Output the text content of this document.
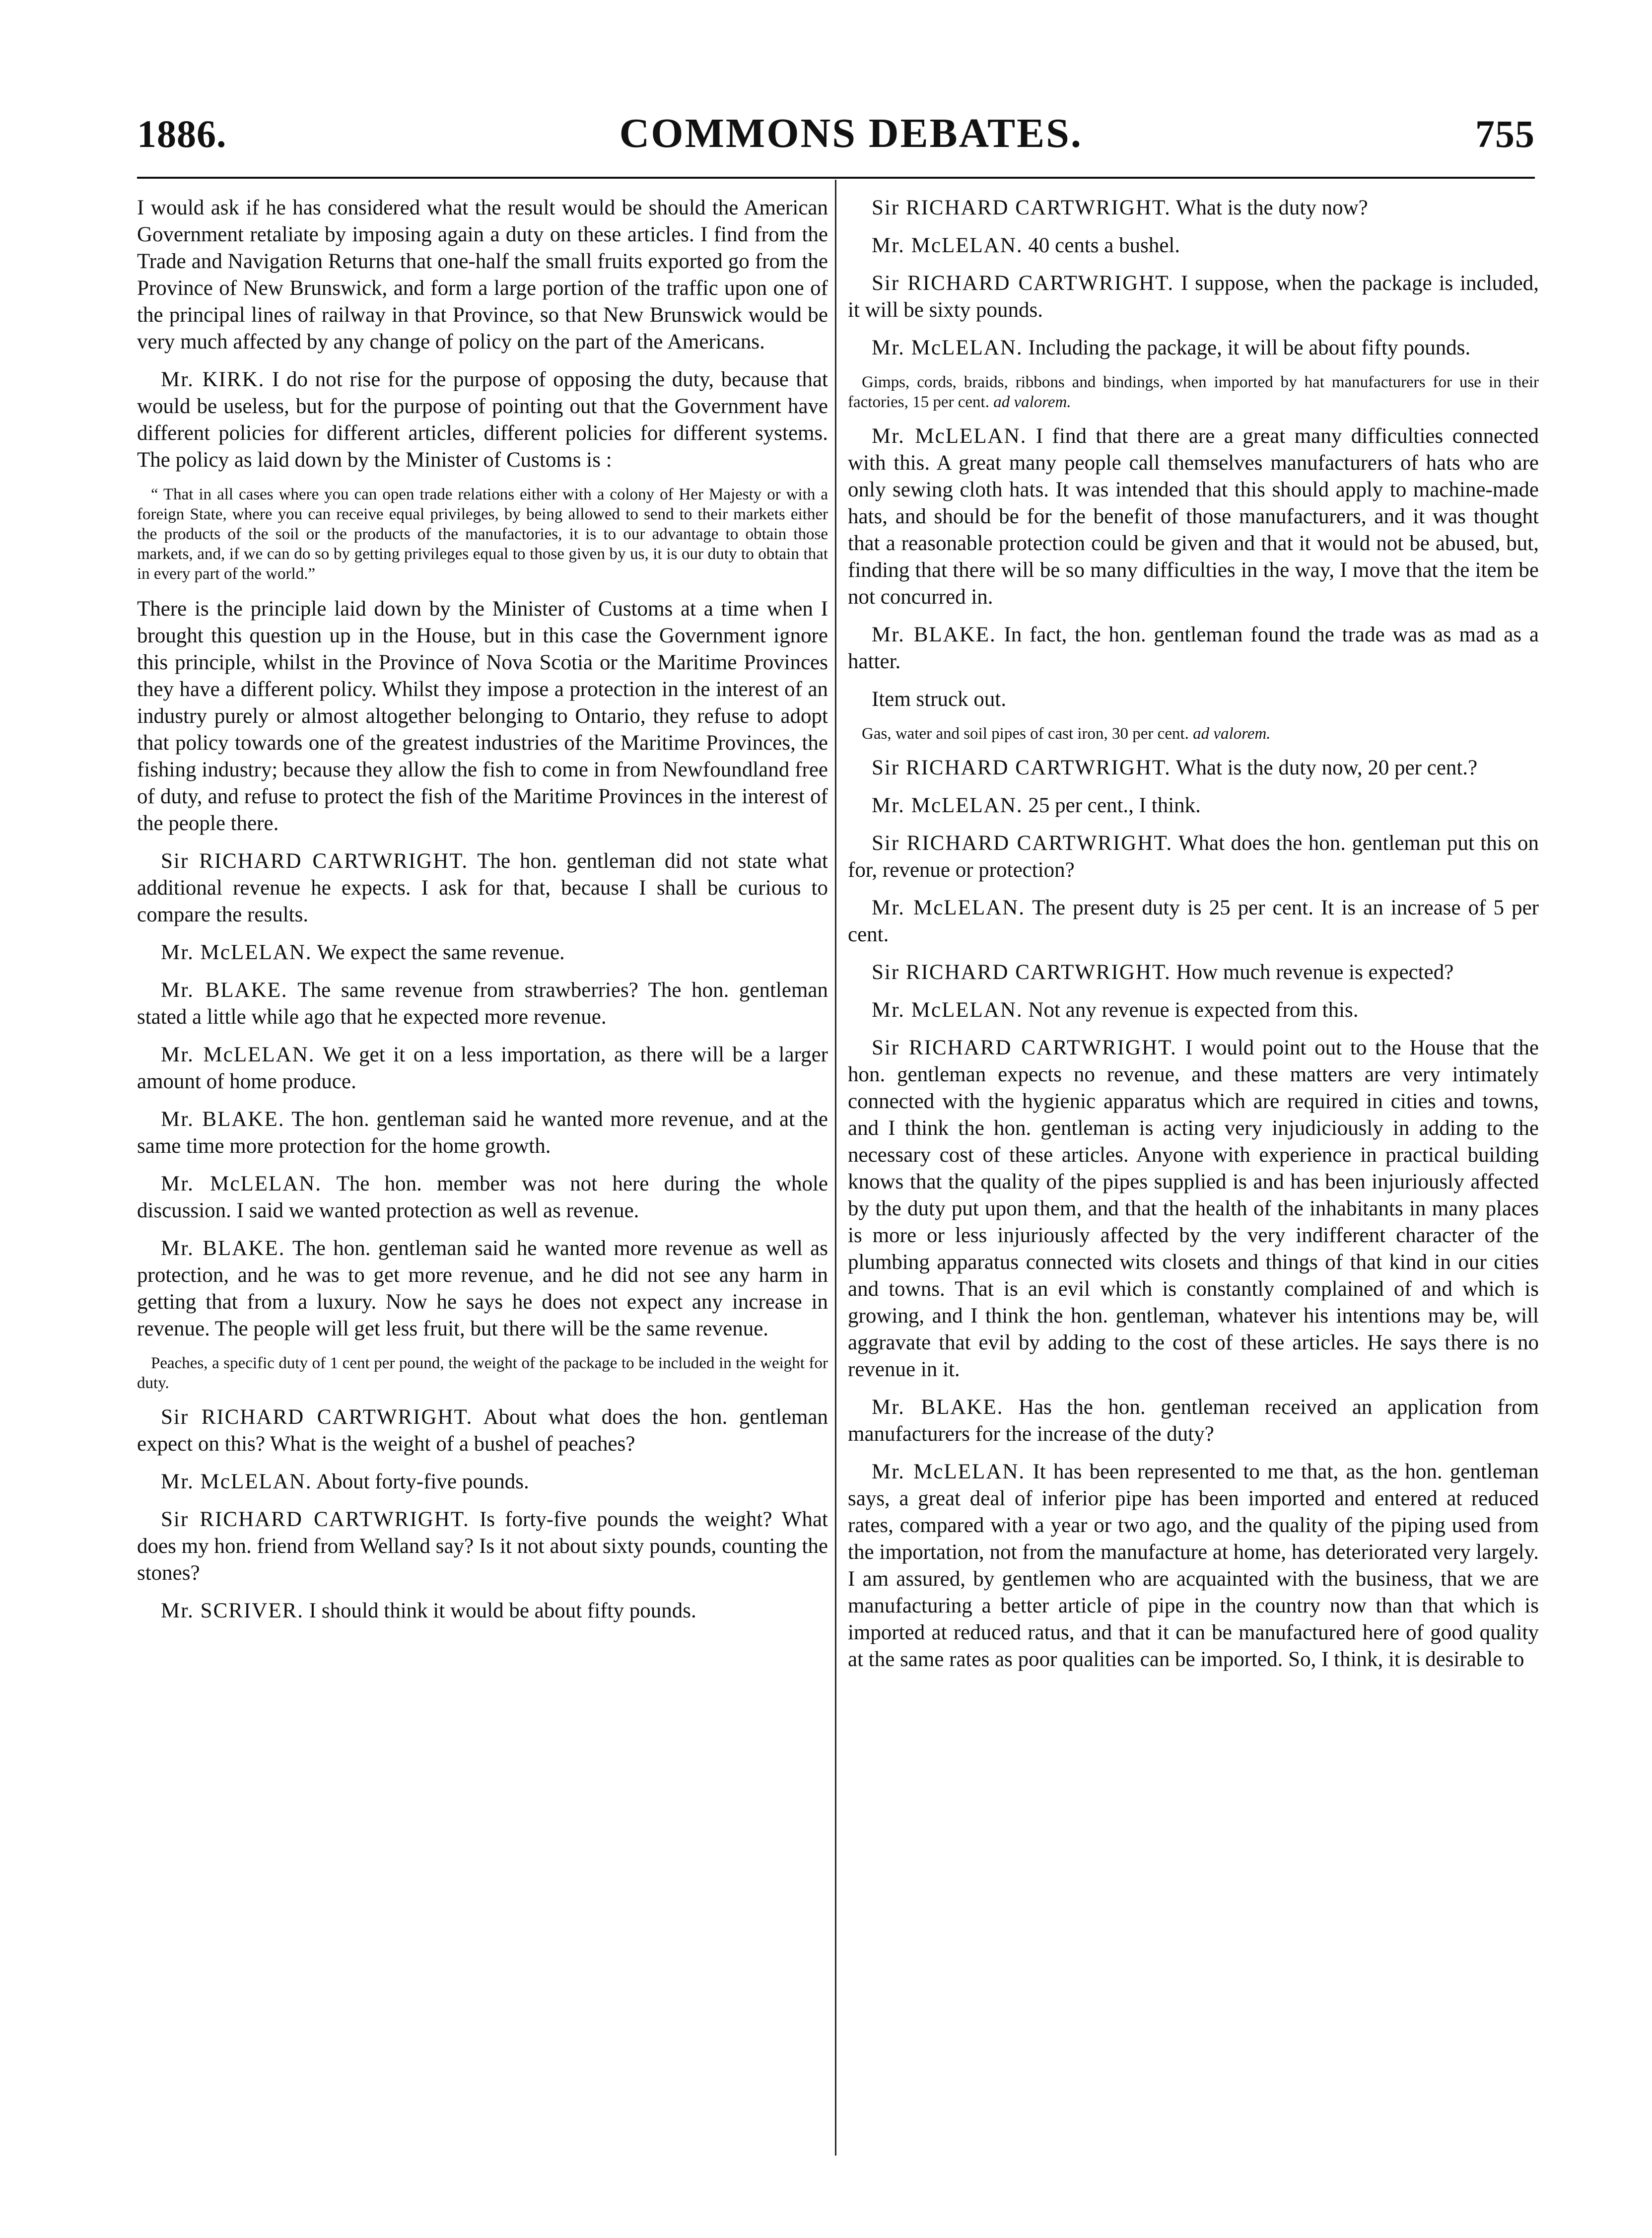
1886.	COMMONS DEBATES.	755

I would ask if he has considered what the result would be should the American Government retaliate by imposing again a duty on these articles. I find from the Trade and Navigation Returns that one-half the small fruits exported go from the Province of New Brunswick, and form a large portion of the traffic upon one of the principal lines of railway in that Province, so that New Brunswick would be very much affected by any change of policy on the part of the Americans.

Mr. KIRK. I do not rise for the purpose of opposing the duty, because that would be useless, but for the purpose of pointing out that the Government have different policies for different articles, different policies for different systems. The policy as laid down by the Minister of Customs is :

“ That in all cases where you can open trade relations either with a colony of Her Majesty or with a foreign State, where you can receive equal privileges, by being allowed to send to their markets either the products of the soil or the products of the manufactories, it is to our advantage to obtain those markets, and, if we can do so by getting privileges equal to those given by us, it is our duty to obtain that in every part of the world.”

There is the principle laid down by the Minister of Customs at a time when I brought this question up in the House, but in this case the Government ignore this principle, whilst in the Province of Nova Scotia or the Maritime Provinces they have a different policy. Whilst they impose a protection in the interest of an industry purely or almost altogether belonging to Ontario, they refuse to adopt that policy towards one of the greatest industries of the Maritime Provinces, the fishing industry; because they allow the fish to come in from Newfoundland free of duty, and refuse to protect the fish of the Maritime Provinces in the interest of the people there.

Sir RICHARD CARTWRIGHT. The hon. gentleman did not state what additional revenue he expects. I ask for that, because I shall be curious to compare the results.

Mr. McLELAN. We expect the same revenue.

Mr. BLAKE. The same revenue from strawberries? The hon. gentleman stated a little while ago that he expected more revenue.

Mr. McLELAN. We get it on a less importation, as there will be a larger amount of home produce.

Mr. BLAKE. The hon. gentleman said he wanted more revenue, and at the same time more protection for the home growth.

Mr. McLELAN. The hon. member was not here during the whole discussion. I said we wanted protection as well as revenue.

Mr. BLAKE. The hon. gentleman said he wanted more revenue as well as protection, and he was to get more revenue, and he did not see any harm in getting that from a luxury. Now he says he does not expect any increase in revenue. The people will get less fruit, but there will be the same revenue.

Peaches, a specific duty of 1 cent per pound, the weight of the package to be included in the weight for duty.

Sir RICHARD CARTWRIGHT. About what does the hon. gentleman expect on this? What is the weight of a bushel of peaches?

Mr. McLELAN. About forty-five pounds.

Sir RICHARD CARTWRIGHT. Is forty-five pounds the weight? What does my hon. friend from Welland say? Is it not about sixty pounds, counting the stones?

Mr. SCRIVER. I should think it would be about fifty pounds.

Sir RICHARD CARTWRIGHT. What is the duty now?

Mr. McLELAN. 40 cents a bushel.

Sir RICHARD CARTWRIGHT. I suppose, when the package is included, it will be sixty pounds.

Mr. McLELAN. Including the package, it will be about fifty pounds.

Gimps, cords, braids, ribbons and bindings, when imported by hat manufacturers for use in their factories, 15 per cent. ad valorem.

Mr. McLELAN. I find that there are a great many difficulties connected with this. A great many people call themselves manufacturers of hats who are only sewing cloth hats. It was intended that this should apply to machine-made hats, and should be for the benefit of those manufacturers, and it was thought that a reasonable protection could be given and that it would not be abused, but, finding that there will be so many difficulties in the way, I move that the item be not concurred in.

Mr. BLAKE. In fact, the hon. gentleman found the trade was as mad as a hatter.

Item struck out.

Gas, water and soil pipes of cast iron, 30 per cent. ad valorem.

Sir RICHARD CARTWRIGHT. What is the duty now, 20 per cent.?

Mr. McLELAN. 25 per cent., I think.

Sir RICHARD CARTWRIGHT. What does the hon. gentleman put this on for, revenue or protection?

Mr. McLELAN. The present duty is 25 per cent. It is an increase of 5 per cent.

Sir RICHARD CARTWRIGHT. How much revenue is expected?

Mr. McLELAN. Not any revenue is expected from this.

Sir RICHARD CARTWRIGHT. I would point out to the House that the hon. gentleman expects no revenue, and these matters are very intimately connected with the hygienic apparatus which are required in cities and towns, and I think the hon. gentleman is acting very injudiciously in adding to the necessary cost of these articles. Anyone with experience in practical building knows that the quality of the pipes supplied is and has been injuriously affected by the duty put upon them, and that the health of the inhabitants in many places is more or less injuriously affected by the very indifferent character of the plumbing apparatus connected wits closets and things of that kind in our cities and towns. That is an evil which is constantly complained of and which is growing, and I think the hon. gentleman, whatever his intentions may be, will aggravate that evil by adding to the cost of these articles. He says there is no revenue in it.

Mr. BLAKE. Has the hon. gentleman received an application from manufacturers for the increase of the duty?

Mr. McLELAN. It has been represented to me that, as the hon. gentleman says, a great deal of inferior pipe has been imported and entered at reduced rates, compared with a year or two ago, and the quality of the piping used from the importation, not from the manufacture at home, has deteriorated very largely. I am assured, by gentlemen who are acquainted with the business, that we are manufacturing a better article of pipe in the country now than that which is imported at reduced ratus, and that it can be manufactured here of good quality at the same rates as poor qualities can be imported. So, I think, it is desirable to
